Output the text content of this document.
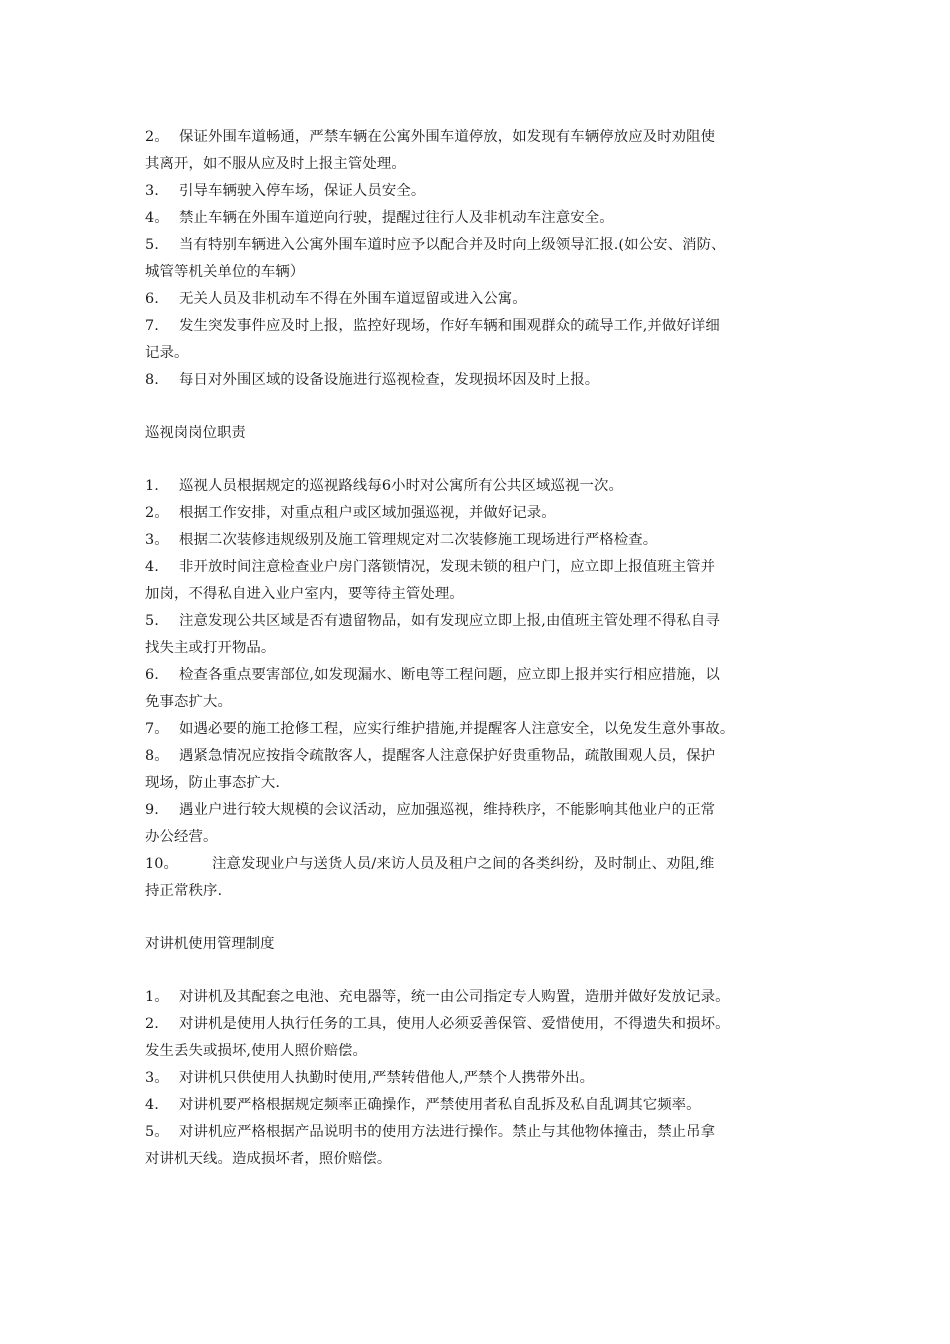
2。 保证外围车道畅通，严禁车辆在公寓外围车道停放，如发现有车辆停放应及时劝阻使
其离开，如不服从应及时上报主管处理。
3. 引导车辆驶入停车场，保证人员安全。
4。 禁止车辆在外围车道逆向行驶，提醒过往行人及非机动车注意安全。
5. 当有特别车辆进入公寓外围车道时应予以配合并及时向上级领导汇报.(如公安、消防、
城管等机关单位的车辆）
6. 无关人员及非机动车不得在外围车道逗留或进入公寓。
7. 发生突发事件应及时上报，监控好现场，作好车辆和围观群众的疏导工作,并做好详细
记录。
8. 每日对外围区域的设备设施进行巡视检查，发现损坏因及时上报。
巡视岗岗位职责
1. 巡视人员根据规定的巡视路线每6小时对公寓所有公共区域巡视一次。
2。 根据工作安排，对重点租户或区域加强巡视，并做好记录。
3。 根据二次装修违规级别及施工管理规定对二次装修施工现场进行严格检查。
4. 非开放时间注意检查业户房门落锁情况，发现未锁的租户门，应立即上报值班主管并
加岗，不得私自进入业户室内，要等待主管处理。
5. 注意发现公共区域是否有遗留物品，如有发现应立即上报,由值班主管处理不得私自寻
找失主或打开物品。
6. 检查各重点要害部位,如发现漏水、断电等工程问题，应立即上报并实行相应措施，以
免事态扩大。
7。 如遇必要的施工抢修工程，应实行维护措施,并提醒客人注意安全，以免发生意外事故。
8。 遇紧急情况应按指令疏散客人，提醒客人注意保护好贵重物品，疏散围观人员，保护
现场，防止事态扩大.
9. 遇业户进行较大规模的会议活动，应加强巡视，维持秩序，不能影响其他业户的正常
办公经营。
10。 注意发现业户与送货人员/来访人员及租户之间的各类纠纷，及时制止、劝阻,维
持正常秩序.
对讲机使用管理制度
1。 对讲机及其配套之电池、充电器等，统一由公司指定专人购置，造册并做好发放记录。
2. 对讲机是使用人执行任务的工具，使用人必须妥善保管、爱惜使用，不得遗失和损坏。
发生丢失或损坏,使用人照价赔偿。
3。 对讲机只供使用人执勤时使用,严禁转借他人,严禁个人携带外出。
4. 对讲机要严格根据规定频率正确操作，严禁使用者私自乱拆及私自乱调其它频率。
5。 对讲机应严格根据产品说明书的使用方法进行操作。禁止与其他物体撞击，禁止吊拿
对讲机天线。造成损坏者，照价赔偿。
